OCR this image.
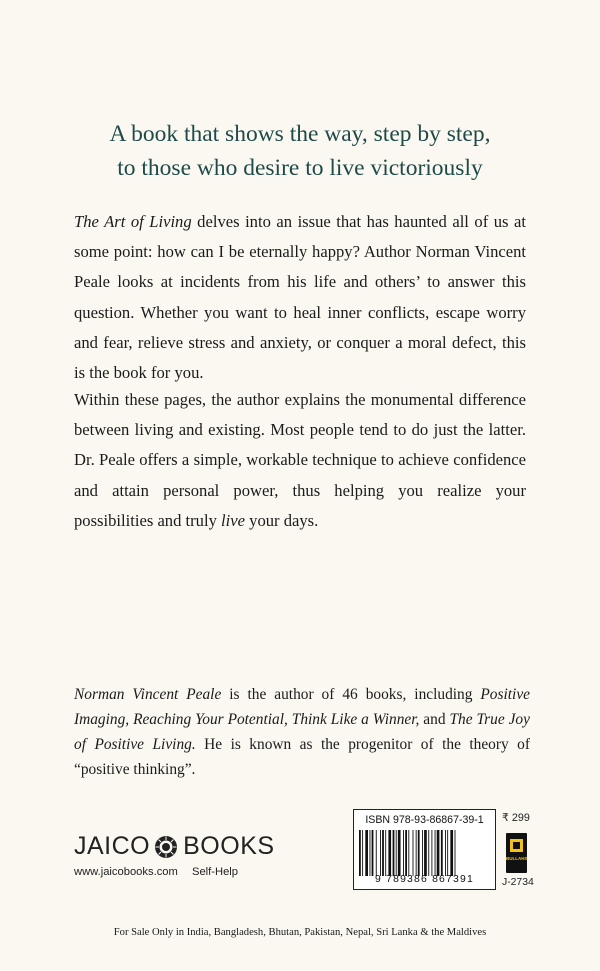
A book that shows the way, step by step,
to those who desire to live victoriously
The Art of Living delves into an issue that has haunted all of us at some point: how can I be eternally happy? Author Norman Vincent Peale looks at incidents from his life and others’ to answer this question. Whether you want to heal inner conflicts, escape worry and fear, relieve stress and anxiety, or conquer a moral defect, this is the book for you.
Within these pages, the author explains the monumental difference between living and existing. Most people tend to do just the latter. Dr. Peale offers a simple, workable technique to achieve confidence and attain personal power, thus helping you realize your possibilities and truly live your days.
Norman Vincent Peale is the author of 46 books, including Positive Imaging, Reaching Your Potential, Think Like a Winner, and The True Joy of Positive Living. He is known as the progenitor of the theory of “positive thinking”.
JAICO BOOKS
www.jaicobooks.com Self-Help
ISBN 978-93-86867-39-1
9 789386 867391
₹ 299
BULLAHS
J-2734
For Sale Only in India, Bangladesh, Bhutan, Pakistan, Nepal, Sri Lanka & the Maldives
